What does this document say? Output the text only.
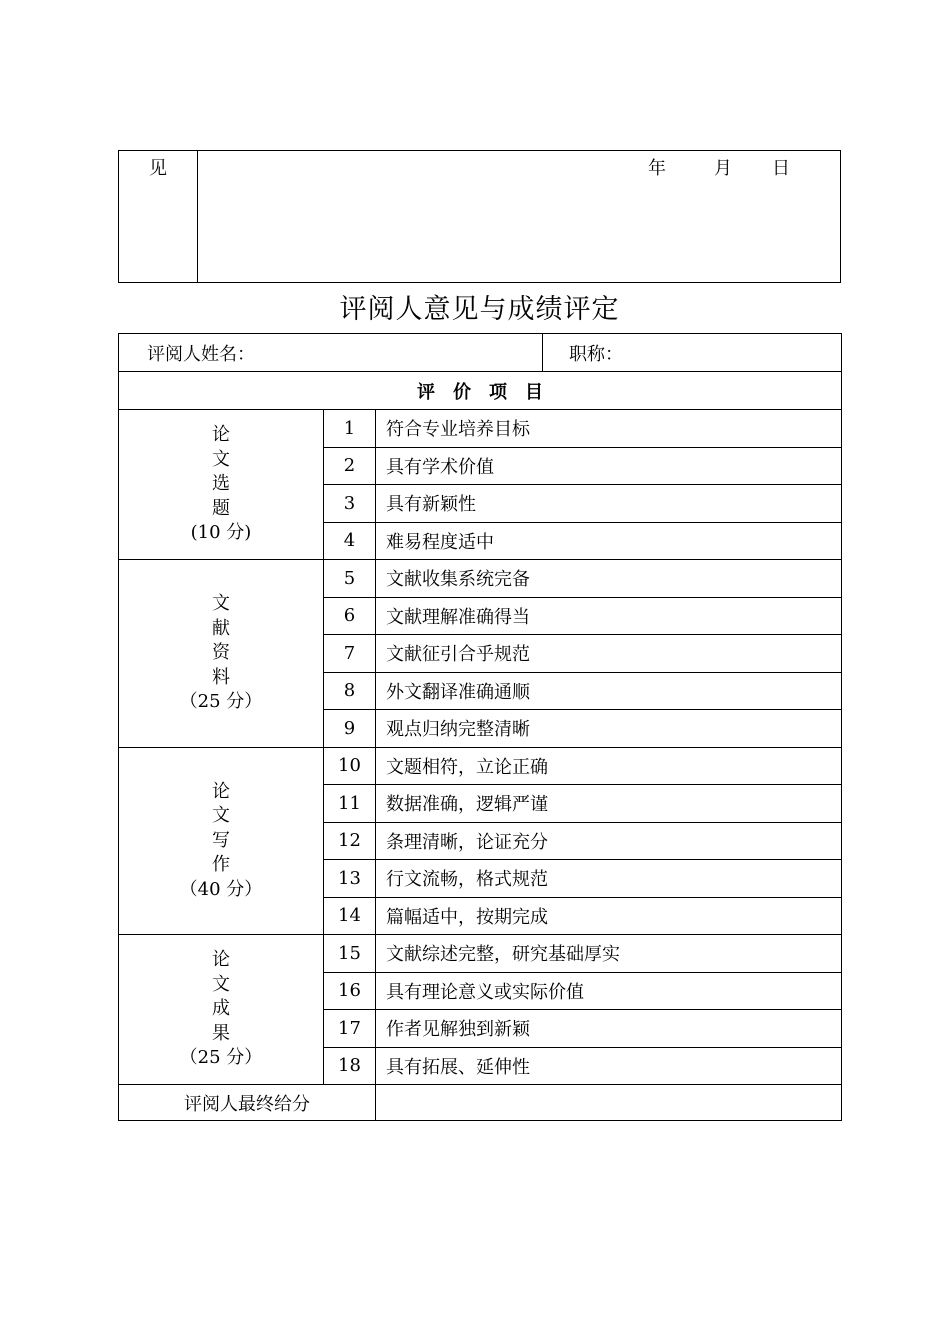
见	年	月 日
评阅人意见与成绩评定
评阅人姓名：			职称：
评价项目			

论
文
选
题
(10 分)	1	符合专业培养目标	
	2	具有学术价值	
	3	具有新颖性	
	4	难易程度适中	

文
献
资
料
（25 分）	5	文献收集系统完备	
	6	文献理解准确得当	
	7	文献征引合乎规范	
	8	外文翻译准确通顺	
	9	观点归纳完整清晰	

论
文
写
作
（40 分）	10	文题相符，立论正确	
	11	数据准确，逻辑严谨	
	12	条理清晰，论证充分	
	13	行文流畅，格式规范	
	14	篇幅适中，按期完成	

论
文
成
果
（25 分）	15	文献综述完整，研究基础厚实	
	16	具有理论意义或实际价值	
	17	作者见解独到新颖	
	18	具有拓展、延伸性	
评阅人最终给分			
